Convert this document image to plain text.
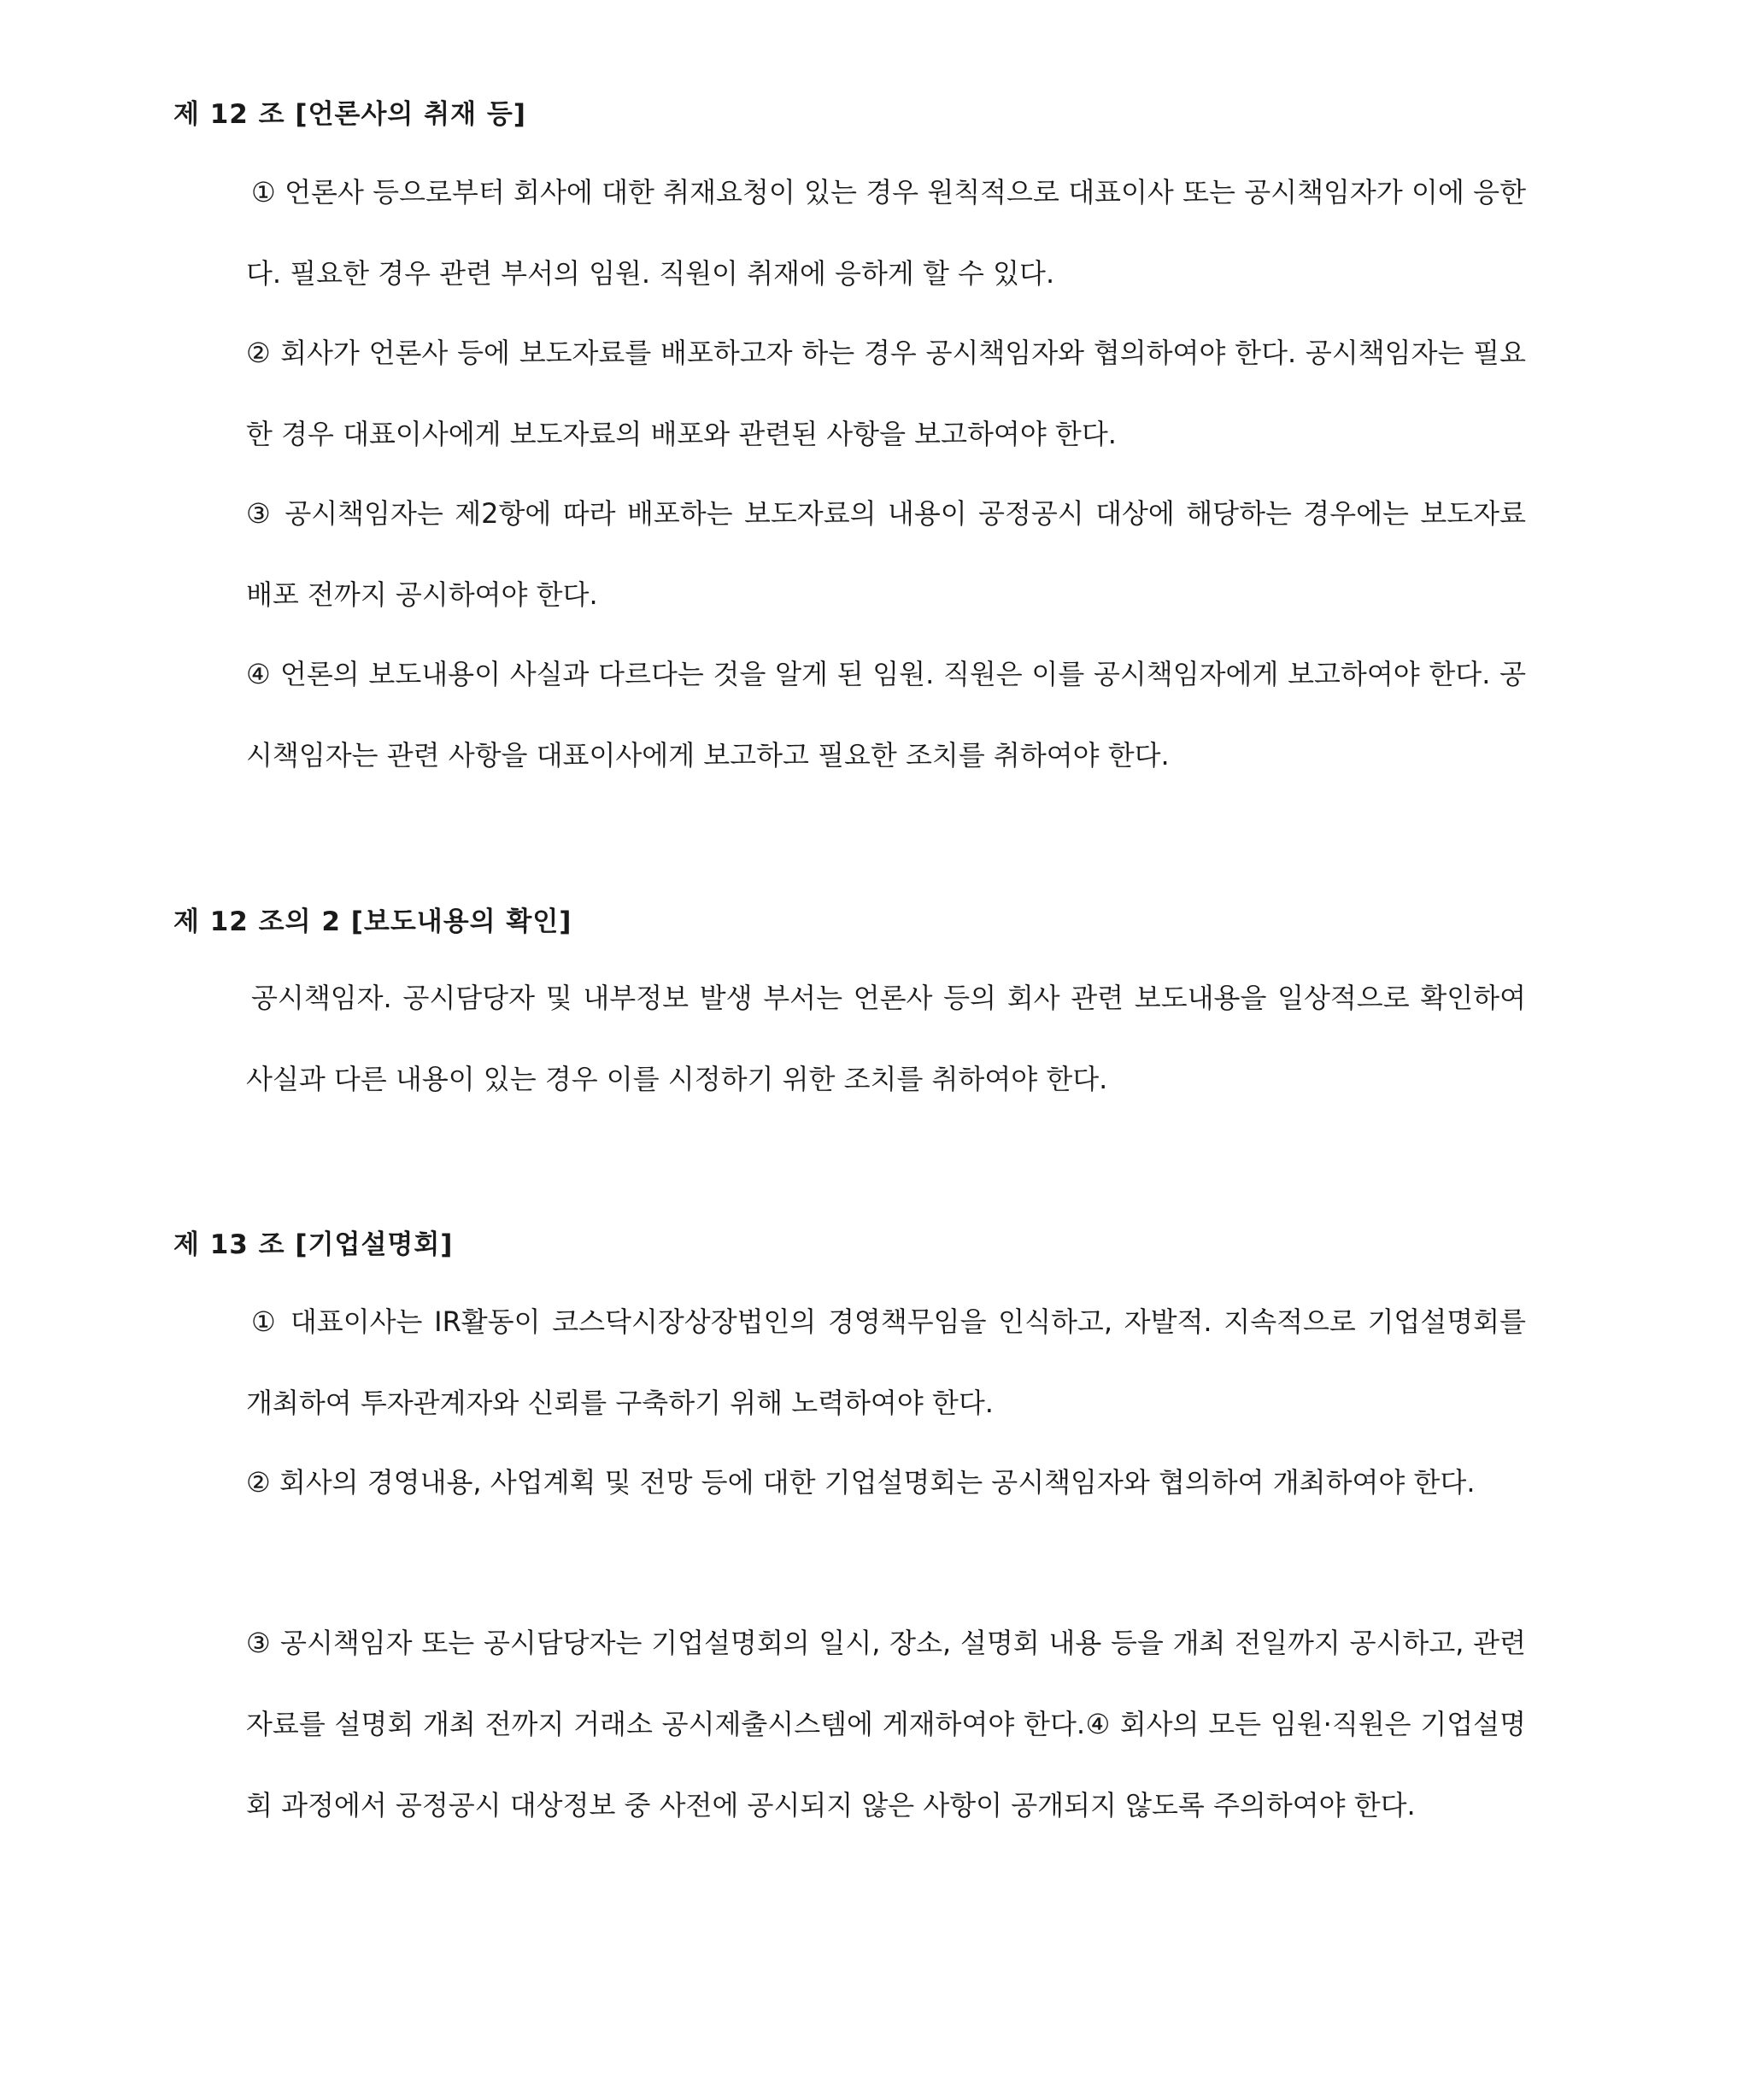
제 12 조 [언론사의 취재 등]
① 언론사 등으로부터 회사에 대한 취재요청이 있는 경우 원칙적으로 대표이사 또는 공시책임자가 이에 응한다. 필요한 경우 관련 부서의 임원. 직원이 취재에 응하게 할 수 있다.
② 회사가 언론사 등에 보도자료를 배포하고자 하는 경우 공시책임자와 협의하여야 한다. 공시책임자는 필요한 경우 대표이사에게 보도자료의 배포와 관련된 사항을 보고하여야 한다.
③ 공시책임자는 제2항에 따라 배포하는 보도자료의 내용이 공정공시 대상에 해당하는 경우에는 보도자료 배포 전까지 공시하여야 한다.
④ 언론의 보도내용이 사실과 다르다는 것을 알게 된 임원. 직원은 이를 공시책임자에게 보고하여야 한다. 공시책임자는 관련 사항을 대표이사에게 보고하고 필요한 조치를 취하여야 한다.
제 12 조의 2 [보도내용의 확인]
공시책임자. 공시담당자 및 내부정보 발생 부서는 언론사 등의 회사 관련 보도내용을 일상적으로 확인하여 사실과 다른 내용이 있는 경우 이를 시정하기 위한 조치를 취하여야 한다.
제 13 조 [기업설명회]
① 대표이사는 IR활동이 코스닥시장상장법인의 경영책무임을 인식하고, 자발적. 지속적으로 기업설명회를 개최하여 투자관계자와 신뢰를 구축하기 위해 노력하여야 한다.
② 회사의 경영내용, 사업계획 및 전망 등에 대한 기업설명회는 공시책임자와 협의하여 개최하여야 한다.
③ 공시책임자 또는 공시담당자는 기업설명회의 일시, 장소, 설명회 내용 등을 개최 전일까지 공시하고, 관련 자료를 설명회 개최 전까지 거래소 공시제출시스템에 게재하여야 한다.④ 회사의 모든 임원·직원은 기업설명회 과정에서 공정공시 대상정보 중 사전에 공시되지 않은 사항이 공개되지 않도록 주의하여야 한다.
